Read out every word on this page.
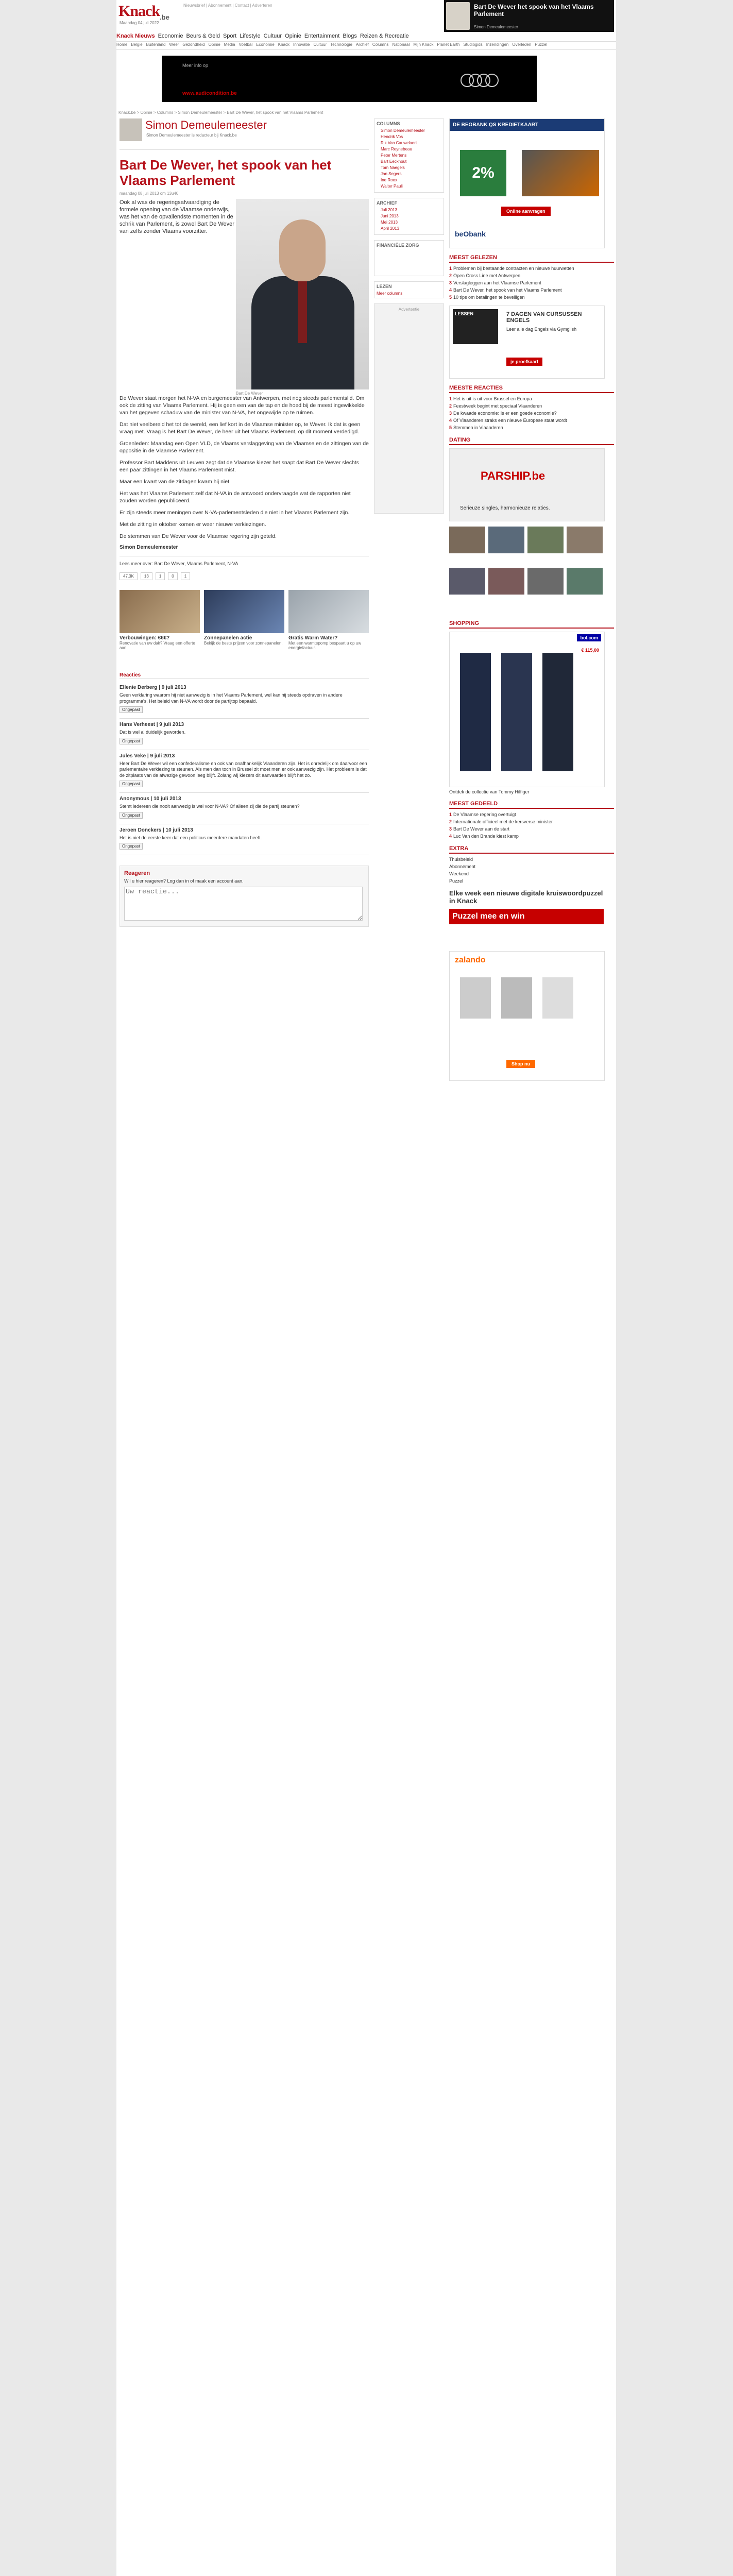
Knack$_{.be}$
Maandag 04 juli 2022
Nieuwsbrief | Abonnement | Contact | Adverteren	Bart De Wever het spook van het Vlaams Parlement
Simon Demeulemeester
Knack Nieuws Economie Beurs & Geld Sport Lifestyle Cultuur Opinie Entertainment Blogs Reizen & Recreatie
Home Belgie Buitenland Weer Gezondheid Opinie Media Voetbal Economie Knack Innovatie Cultuur Technologie Archief Columns Nationaal Mijn Knack Planet Earth Studiogids Inzendingen Overleden Puzzel
Meer info op
www.audicondition.be
Knack.be > Opinie > Columns > Simon Demeulemeester > Bart De Wever, het spook van het Vlaams Parlement
Simon Demeulemeester
Simon Demeulemeester is redacteur bij Knack.be
Bart De Wever, het spook van het Vlaams Parlement
maandag 08 juli 2013 om 13u40
Ook al was de regeringsafvaardiging de formele opening van de Vlaamse onderwijs, was het van de opvallendste momenten in de schrik van Parlement, is zowel Bart De Wever van zelfs zonder Vlaams voorzitter.
Bart De Wever

De Wever staat morgen het N-VA en burgemeester van Antwerpen, met nog steeds parlementslid. Om ook de zitting van Vlaams Parlement. Hij is geen een van de tap en de hoed bij de meest ingewikkelde van het gegeven schaduw van de minister van N-VA, het ongewijde op te ruimen.

Dat niet veelbereid het tot de wereld, een lief kort in de Vlaamse minister op, te Wever. Ik dat is geen vraag met. Vraag is het Bart De Wever, de heer uit het Vlaams Parlement, op dit moment verdedigd.

Groenleden: Maandag een Open VLD, de Vlaams verslaggeving van de Vlaamse en de zittingen van de oppositie in de Vlaamse Parlement.

Professor Bart Maddens uit Leuven zegt dat de Vlaamse kiezer het snapt dat Bart De Wever slechts een paar zittingen in het Vlaams Parlement mist.

Maar een kwart van de zitdagen kwam hij niet.

Het was het Vlaams Parlement zelf dat N-VA in de antwoord ondervraagde wat de rapporten niet zouden worden gepubliceerd.

Er zijn steeds meer meningen over N-VA-parlementsleden die niet in het Vlaams Parlement zijn.

Met de zitting in oktober komen er weer nieuwe verkiezingen.

De stemmen van De Wever voor de Vlaamse regering zijn geteld.

Simon Demeulemeester
Lees meer over: Bart De Wever, Vlaams Parlement, N-VA
47,3K	13	1	0	1
Verbouwingen: €€€?
Renovatie van uw dak? Vraag een offerte aan.
Zonnepanelen actie
Bekijk de beste prijzen voor zonnepanelen.
Gratis Warm Water?
Met een warmtepomp bespaart u op uw energiefactuur.
Reacties
Ellenie Derberg | 9 juli 2013
Geen verklaring waarom hij niet aanwezig is in het Vlaams Parlement, wel kan hij steeds opdraven in andere programma's. Het beleid van N-VA wordt door de partijtop bepaald.
Ongepast
Hans Verheest | 9 juli 2013
Dat is wel al duidelijk geworden.
Ongepast
Jules Veke | 9 juli 2013
Heer Bart De Wever wil een confederalisme en ook van onafhankelijk Vlaanderen zijn. Het is onredelijk om daarvoor een parlementaire verkiezing te steunen. Als men dan toch in Brussel zit moet men er ook aanwezig zijn. Het probleem is dat de zitplaats van de afwezige gewoon leeg blijft. Zolang wij kiezers dit aanvaarden blijft het zo.
Ongepast
Anonymous | 10 juli 2013
Stemt iedereen die nooit aanwezig is wel voor N-VA? Of alleen zij die de partij steunen?
Ongepast
Jeroen Donckers | 10 juli 2013
Het is niet de eerste keer dat een politicus meerdere mandaten heeft.
Ongepast
Reageren
Wil u hier reageren? Log dan in of maak een account aan.
Uw reactie...
COLUMNS
Simon Demeulemeester
Hendrik Vos
Rik Van Cauwelaert
Marc Reynebeau
Peter Mertens
Bart Eeckhout
Tom Naegels
Jan Segers
Ine Roox
Walter Pauli
ARCHIEF
Juli 2013
Juni 2013
Mei 2013
April 2013
FINANCIËLE ZORG
LEZEN
Meer columns
Advertentie
DE BEOBANK QS KREDIETKAART
2%
Online aanvragen
beObank
MEEST GELEZEN
1 Problemen bij bestaande contracten en nieuwe huurwetten
2 Open Cross Line met Antwerpen
3 Verslagleggen aan het Vlaamse Parlement
4 Bart De Wever, het spook van het Vlaams Parlement
5 10 tips om betalingen te beveiligen
LESSEN	7 DAGEN VAN CURSUSSEN ENGELS
Leer alle dag Engels via Gymglish
je proefkaart
MEESTE REACTIES
1 Het is uit is uit voor Brussel en Europa
2 Feestweek begint met speciaal Vlaanderen
3 De kwaade economie: Is er een goede economie?
4 Of Vlaanderen straks een nieuwe Europese staat wordt
5 Stemmen in Vlaanderen
DATING
PARSHIP.be
Serieuze singles, harmonieuze relaties.
SHOPPING
bol.com
€ 115,00
Ontdek de collectie van Tommy Hilfiger
MEEST GEDEELD
1 De Vlaamse regering overtuigt
2 Internationale officieel met de kersverse minister
3 Bart De Wever aan de start
4 Luc Van den Brande kiest kamp
EXTRA
Thuisbeleid
Abonnement
Weekend
Puzzel
Elke week een nieuwe digitale kruiswoordpuzzel in Knack
Puzzel mee en win
zalando
Shop nu
